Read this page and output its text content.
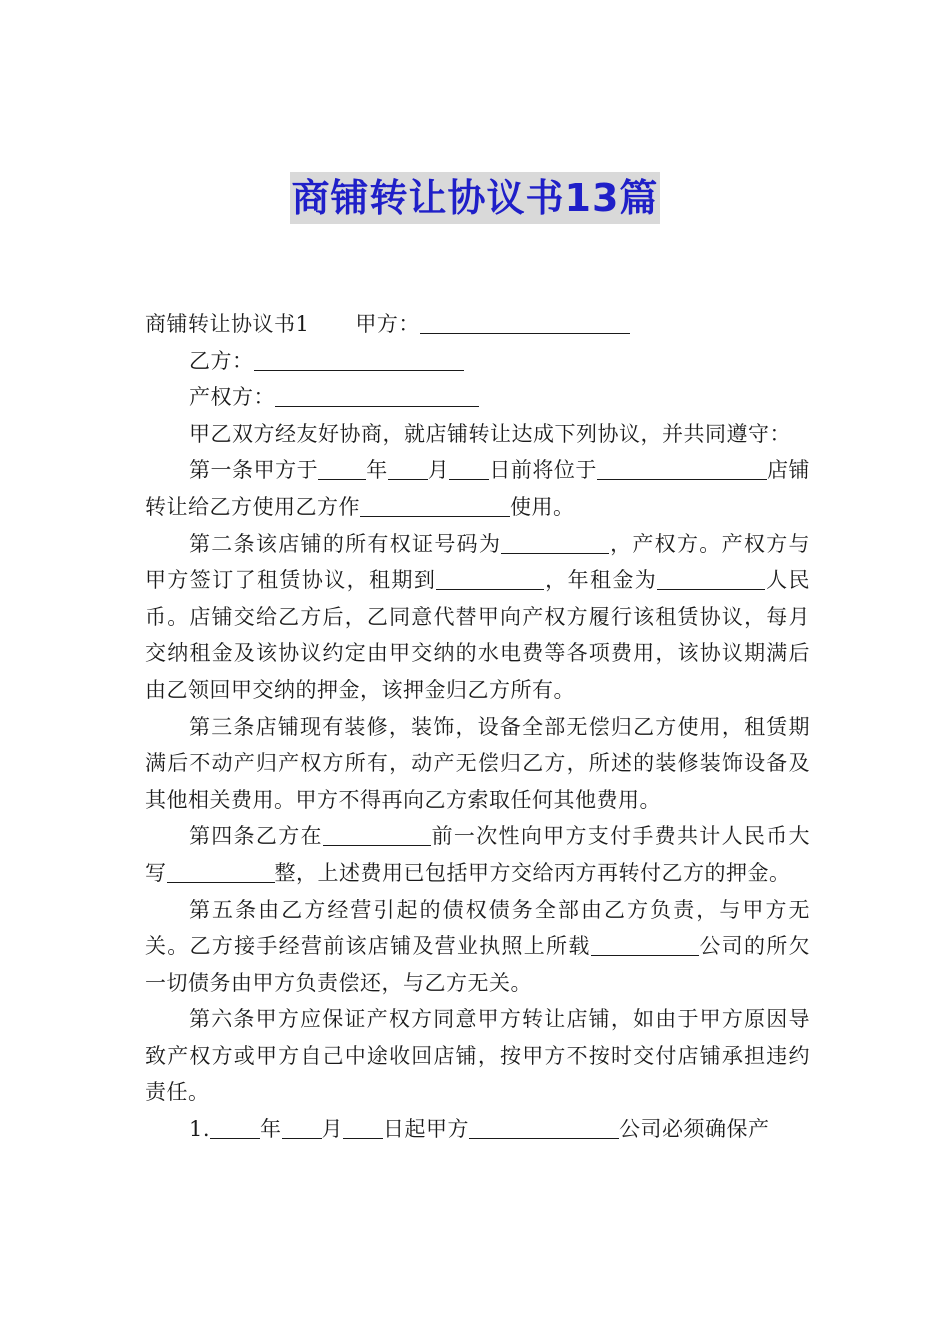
商铺转让协议书13篇

商铺转让协议书1 甲方：

乙方：

产权方：

甲乙双方经友好协商，就店铺转让达成下列协议，并共同遵守：

第一条甲方于 年 月 日前将位于	店铺转让给乙方使用乙方作	使用。

第二条该店铺的所有权证号码为	，产权方。产权方与甲方签订了租赁协议，租期到	，年租金为	人民币。店铺交给乙方后，乙同意代替甲向产权方履行该租赁协议，每月交纳租金及该协议约定由甲交纳的水电费等各项费用，该协议期满后由乙领回甲交纳的押金，该押金归乙方所有。

第三条店铺现有装修，装饰，设备全部无偿归乙方使用，租赁期满后不动产归产权方所有，动产无偿归乙方，所述的装修装饰设备及其他相关费用。甲方不得再向乙方索取任何其他费用。

第四条乙方在	前一次性向甲方支付手费共计人民币大写	整，上述费用已包括甲方交给丙方再转付乙方的押金。

第五条由乙方经营引起的债权债务全部由乙方负责，与甲方无关。乙方接手经营前该店铺及营业执照上所载	公司的所欠一切债务由甲方负责偿还，与乙方无关。

第六条甲方应保证产权方同意甲方转让店铺，如由于甲方原因导致产权方或甲方自己中途收回店铺，按甲方不按时交付店铺承担违约责任。

1. 年 月 日起甲方	公司必须确保产
